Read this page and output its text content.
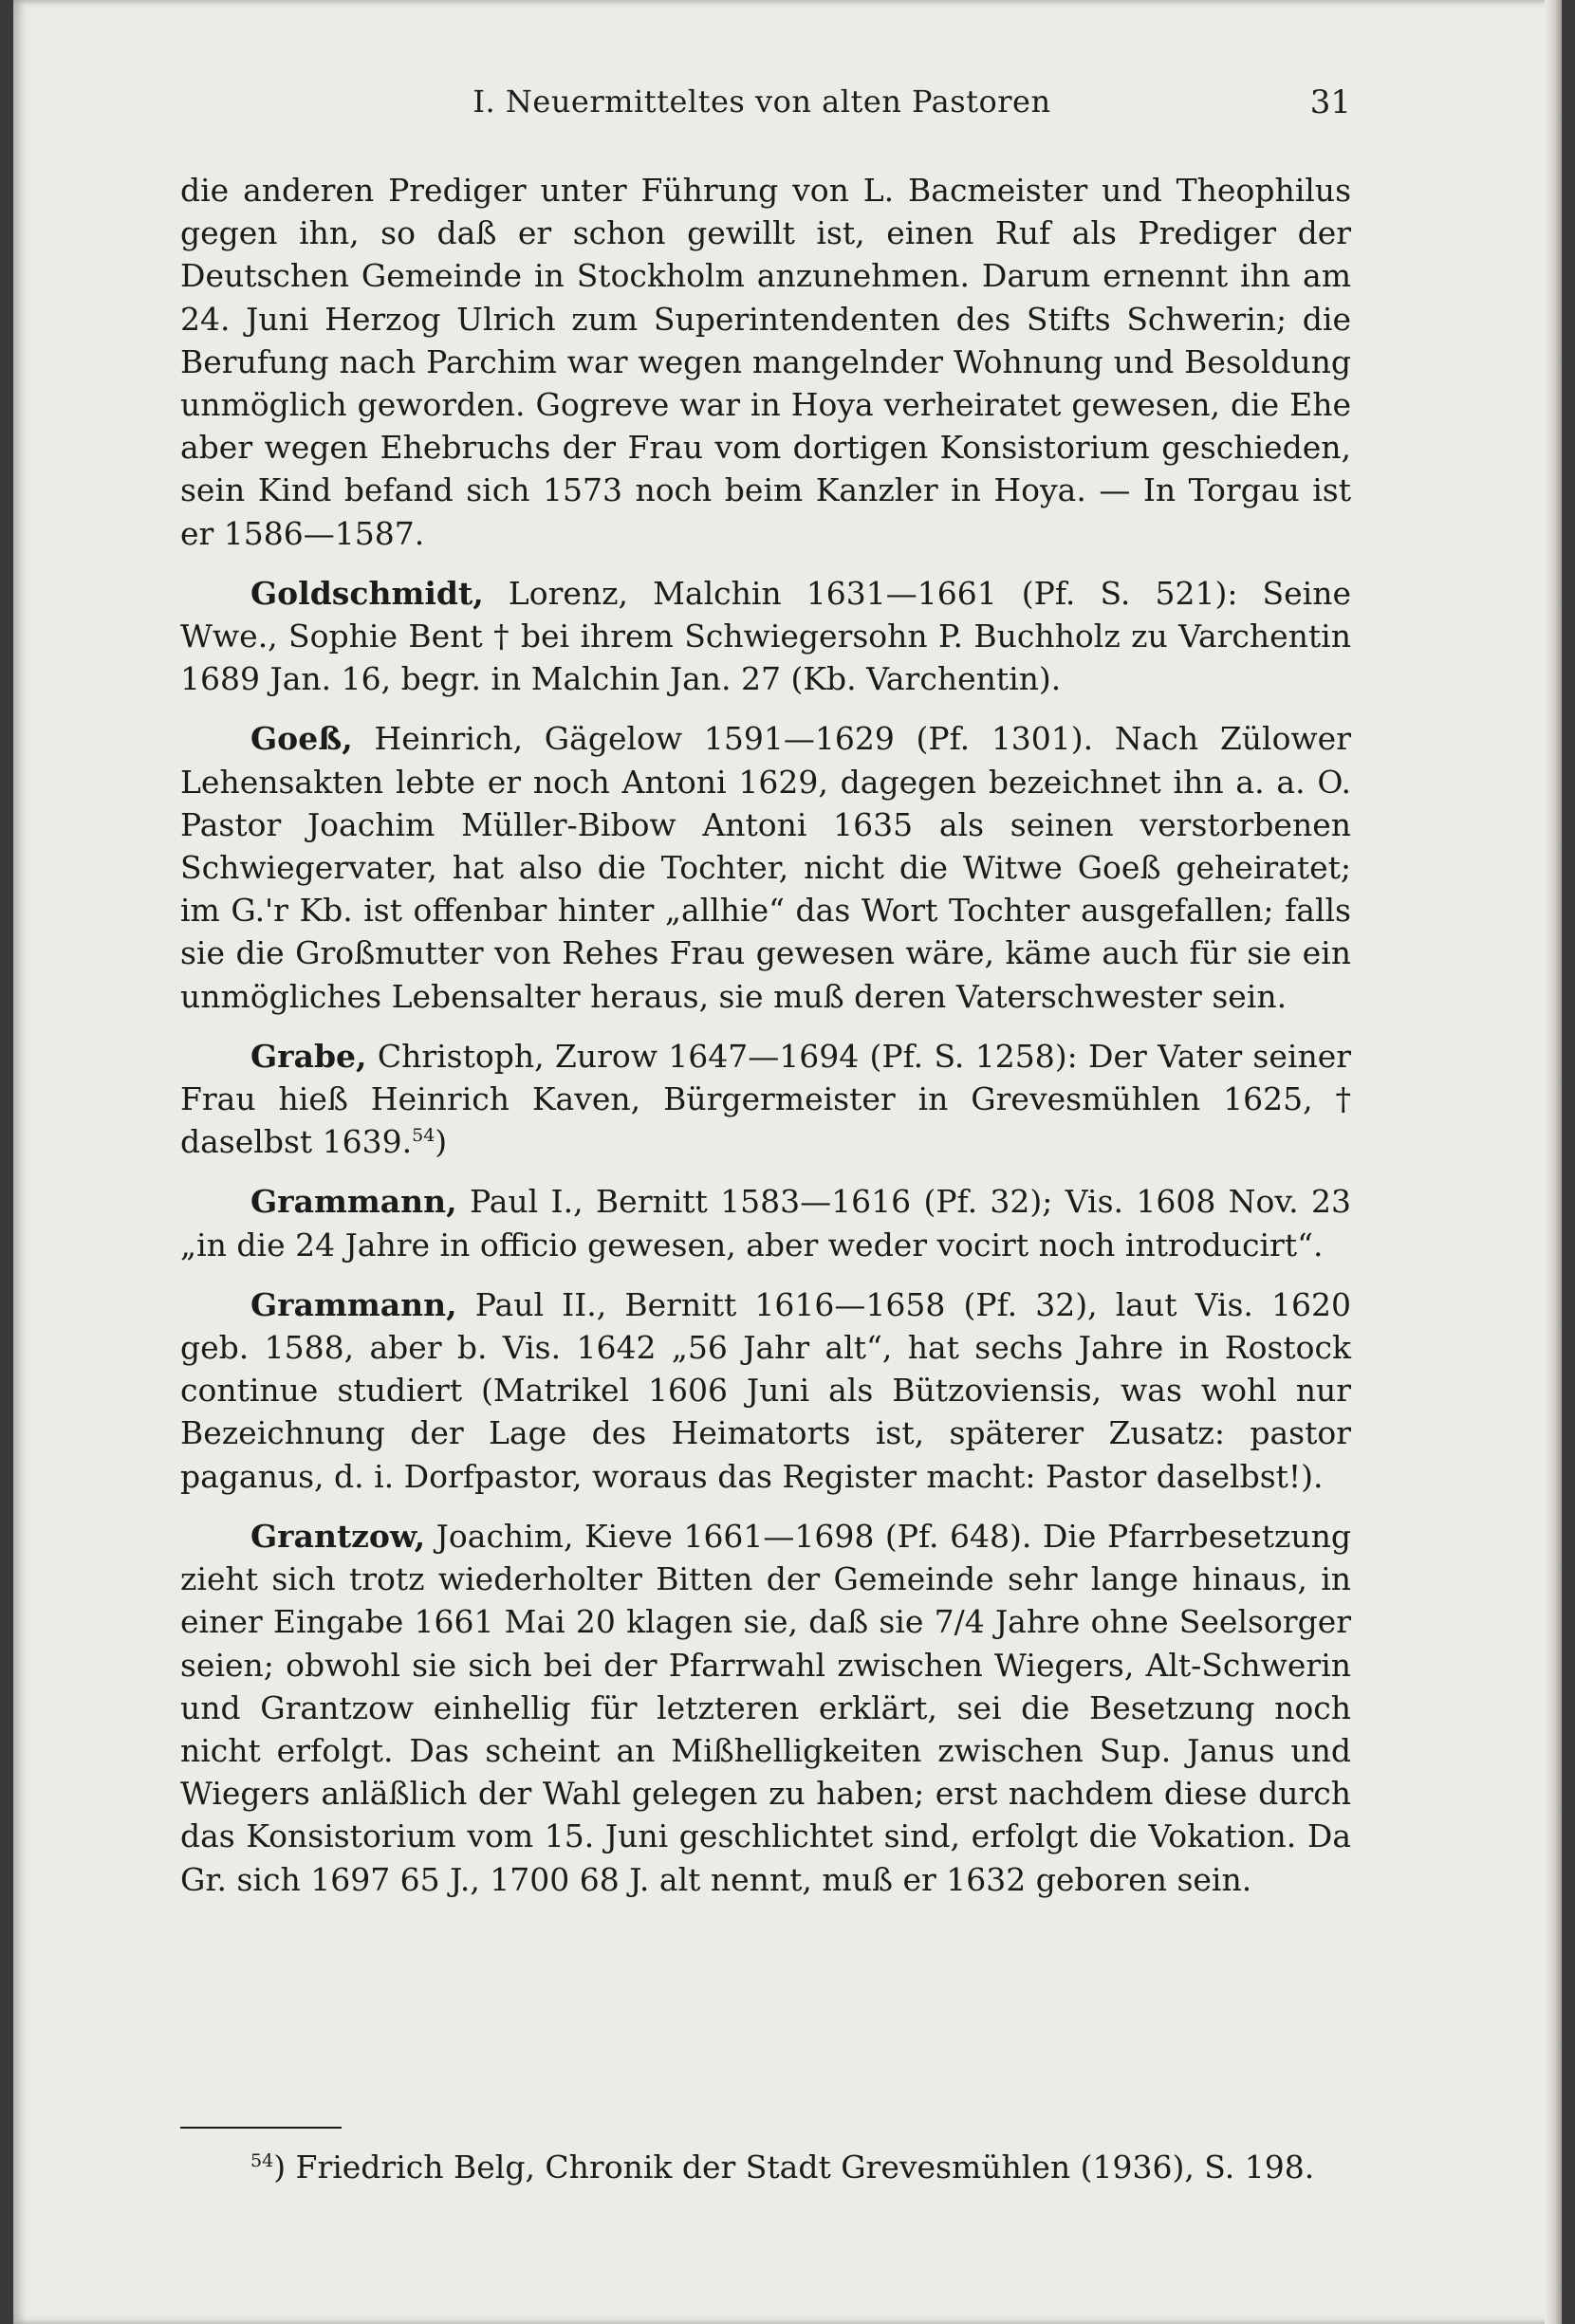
I. Neuermitteltes von alten Pastoren	31

die anderen Prediger unter Führung von L. Bacmeister und Theophilus gegen ihn, so daß er schon gewillt ist, einen Ruf als Prediger der Deutschen Gemeinde in Stockholm anzunehmen. Darum ernennt ihn am 24. Juni Herzog Ulrich zum Superintendenten des Stifts Schwerin; die Berufung nach Parchim war wegen mangelnder Wohnung und Besoldung unmöglich geworden. Gogreve war in Hoya verheiratet gewesen, die Ehe aber wegen Ehebruchs der Frau vom dortigen Konsistorium geschieden, sein Kind befand sich 1573 noch beim Kanzler in Hoya. — In Torgau ist er 1586—1587.

Goldschmidt, Lorenz, Malchin 1631—1661 (Pf. S. 521): Seine Wwe., Sophie Bent † bei ihrem Schwiegersohn P. Buchholz zu Varchentin 1689 Jan. 16, begr. in Malchin Jan. 27 (Kb. Varchentin).

Goeß, Heinrich, Gägelow 1591—1629 (Pf. 1301). Nach Zülower Lehensakten lebte er noch Antoni 1629, dagegen bezeichnet ihn a. a. O. Pastor Joachim Müller-Bibow Antoni 1635 als seinen verstorbenen Schwiegervater, hat also die Tochter, nicht die Witwe Goeß geheiratet; im G.'r Kb. ist offenbar hinter „allhie“ das Wort Tochter ausgefallen; falls sie die Großmutter von Rehes Frau gewesen wäre, käme auch für sie ein unmögliches Lebensalter heraus, sie muß deren Vaterschwester sein.

Grabe, Christoph, Zurow 1647—1694 (Pf. S. 1258): Der Vater seiner Frau hieß Heinrich Kaven, Bürgermeister in Grevesmühlen 1625, † daselbst 1639.54)

Grammann, Paul I., Bernitt 1583—1616 (Pf. 32); Vis. 1608 Nov. 23 „in die 24 Jahre in officio gewesen, aber weder vocirt noch introducirt“.

Grammann, Paul II., Bernitt 1616—1658 (Pf. 32), laut Vis. 1620 geb. 1588, aber b. Vis. 1642 „56 Jahr alt“, hat sechs Jahre in Rostock continue studiert (Matrikel 1606 Juni als Bützoviensis, was wohl nur Bezeichnung der Lage des Heimatorts ist, späterer Zusatz: pastor paganus, d. i. Dorfpastor, woraus das Register macht: Pastor daselbst!).

Grantzow, Joachim, Kieve 1661—1698 (Pf. 648). Die Pfarrbesetzung zieht sich trotz wiederholter Bitten der Gemeinde sehr lange hinaus, in einer Eingabe 1661 Mai 20 klagen sie, daß sie 7/4 Jahre ohne Seelsorger seien; obwohl sie sich bei der Pfarrwahl zwischen Wiegers, Alt-Schwerin und Grantzow einhellig für letzteren erklärt, sei die Besetzung noch nicht erfolgt. Das scheint an Mißhelligkeiten zwischen Sup. Janus und Wiegers anläßlich der Wahl gelegen zu haben; erst nachdem diese durch das Konsistorium vom 15. Juni geschlichtet sind, erfolgt die Vokation. Da Gr. sich 1697 65 J., 1700 68 J. alt nennt, muß er 1632 geboren sein.

$^{54}$) Friedrich Belg, Chronik der Stadt Grevesmühlen (1936), S. 198.
